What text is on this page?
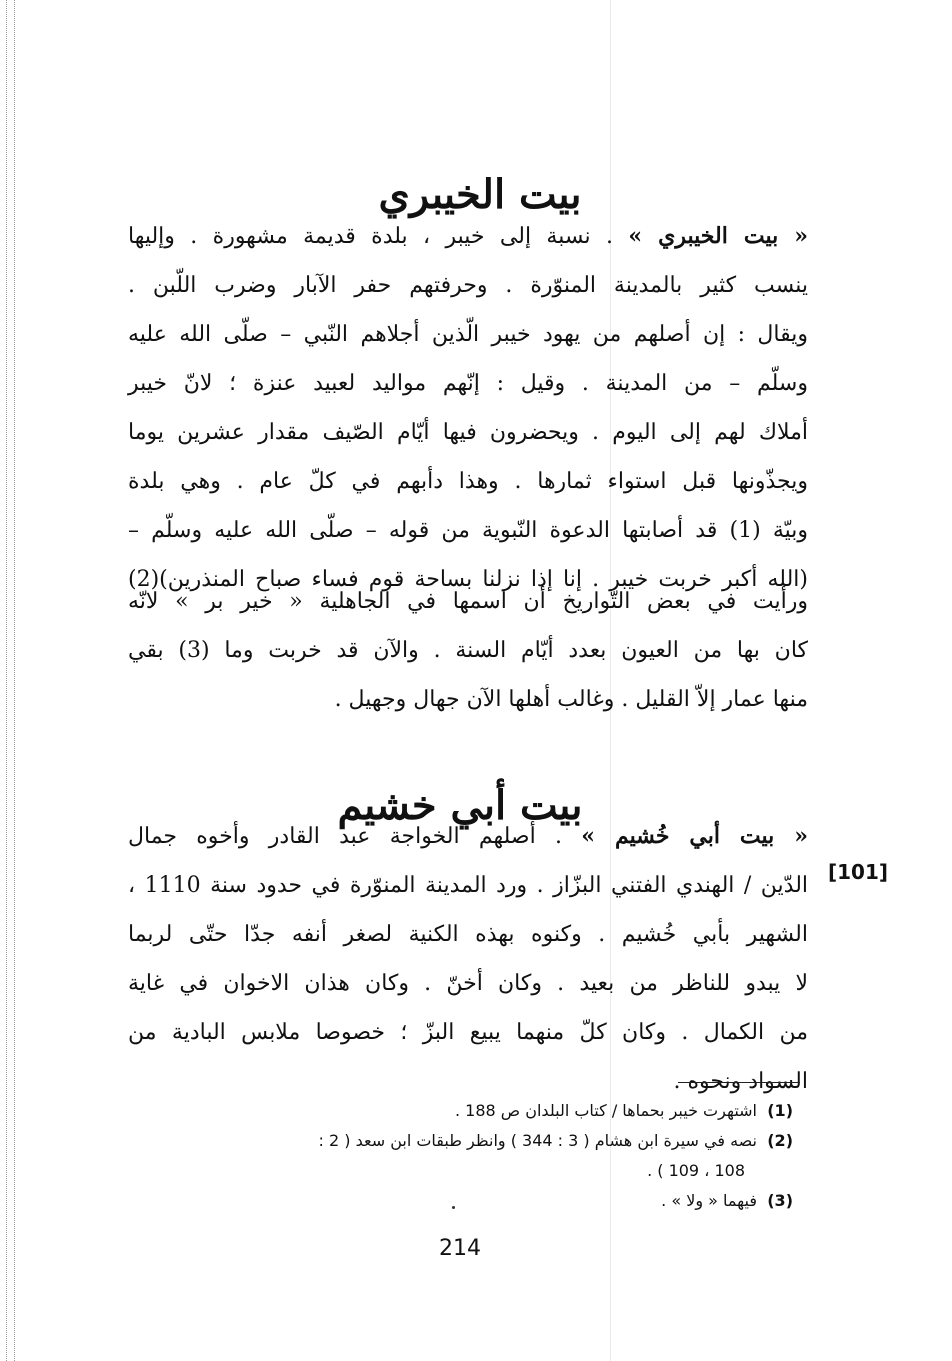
بيت الخيبري
« بيت الخيبري » . نسبة إلى خيبر ، بلدة قديمة مشهورة . وإليها
ينسب كثير بالمدينة المنوّرة . وحرفتهم حفر الآبار وضرب اللّبن .
ويقال : إن أصلهم من يهود خيبر الّذين أجلاهم النّبي – صلّى الله عليه
وسلّم – من المدينة . وقيل : إنّهم مواليد لعبيد عنزة ؛ لانّ خيبر
أملاك لهم إلى اليوم . ويحضرون فيها أيّام الصّيف مقدار عشرين يوما
ويجذّونها قبل استواء ثمارها . وهذا دأبهم في كلّ عام . وهي بلدة
وبيّة (1) قد أصابتها الدعوة النّبوية من قوله – صلّى الله عليه وسلّم –
(الله أكبر خربت خيبر . إنا إذا نزلنا بساحة قوم فساء صباح المنذرين)(2)
ورأيت في بعض التّواريخ أن اسمها في الجاهلية « خير بر » لانّه
كان بها من العيون بعدد أيّام السنة . والآن قد خربت وما (3) بقي
منها عمار إلاّ القليل . وغالب أهلها الآن جهال وجهيل .
بيت أبي خشيم
« بيت أبي خُشيم » . أصلهم الخواجة عبد القادر وأخوه جمال
الدّين / الهندي الفتني البزّاز . ورد المدينة المنوّرة في حدود سنة 1110 ،
الشهير بأبي خُشيم . وكنوه بهذه الكنية لصغر أنفه جدّا حتّى لربما
لا يبدو للناظر من بعيد . وكان أخنّ . وكان هذان الاخوان في غاية
من الكمال . وكان كلّ منهما يبيع البزّ ؛ خصوصا ملابس البادية من
السواد ونحوه .
[101]
(1)اشتهرت خيبر بحماها / كتاب البلدان ص 188 .
(2)نصه في سيرة ابن هشام ( 3 : 344 ) وانظر طبقات ابن سعد ( 2 :
108 ، 109 ) .
(3)فيهما « ولا » .
214
